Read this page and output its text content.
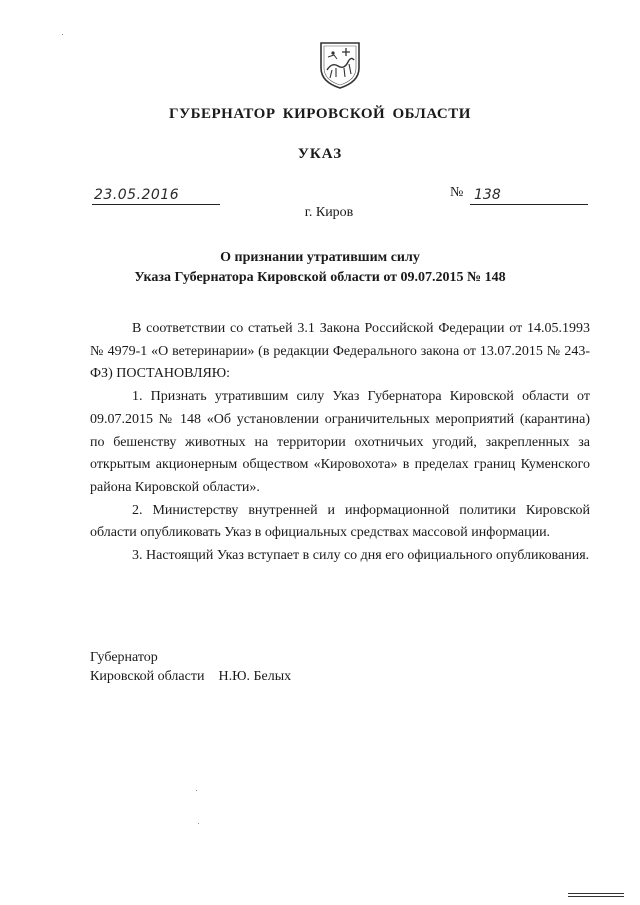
ГУБЕРНАТОР КИРОВСКОЙ ОБЛАСТИ
УКАЗ
23.05.2016	№ 138
г. Киров
О признании утратившим силу
Указа Губернатора Кировской области от 09.07.2015 № 148

В соответствии со статьей 3.1 Закона Российской Федерации от 14.05.1993 № 4979-1 «О ветеринарии» (в редакции Федерального закона от 13.07.2015 № 243-ФЗ) ПОСТАНОВЛЯЮ:

1. Признать утратившим силу Указ Губернатора Кировской области от 09.07.2015 № 148 «Об установлении ограничительных мероприятий (карантина) по бешенству животных на территории охотничьих угодий, закрепленных за открытым акционерным обществом «Кировохота» в пределах границ Куменского района Кировской области».

2. Министерству внутренней и информационной политики Кировской области опубликовать Указ в официальных средствах массовой информации.

3. Настоящий Указ вступает в силу со дня его официального опубликования.

Губернатор
Кировской области Н.Ю. Белых
